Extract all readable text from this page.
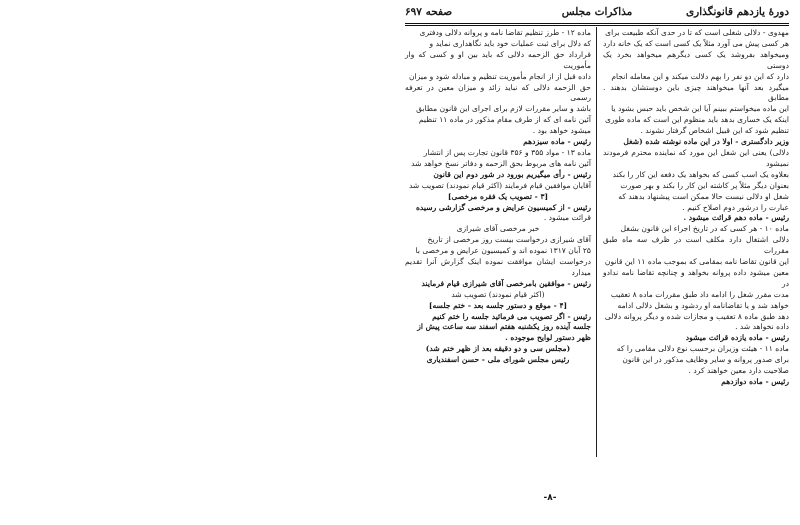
دورهٔ یازدهم قانونگذاری
مذاکرات مجلس
صفحه ۶۹۷

مهدوی - دلالی شغلی است که تا در حدی آنکه طبیعت برای

هر کسی پیش می آورد مثلاً یک کسی است که یک خانه دارد

ومیخواهد بفروشد یک کسی دیگرهم میخواهد بخرد یک دوستی

دارد که این دو نفر را بهم دلالت میکند و این معامله انجام

میگیرد بعد آنها میخواهند چیزی باین دوستشان بدهند . مطابق

این ماده میخواستم ببینم آیا این شخص باید حبس بشود یا

اینکه یک خساری بدهد باید منظوم این است که ماده طوری

تنظیم شود که این قبیل اشخاص گرفتار نشوند .

وزیر دادگستری - اولا در این ماده نوشته شده (شغل

دلالی) یعنی این شغل این مورد که نماینده محترم فرمودند نمیشود

بعلاوه یک اسب کسی که بخواهد یک دفعه این کار را بکند

بعنوان دیگر مثلاً پر کاشته این کار را بکند و بهر صورت

شغل او دلالی نیست حالا ممکن است پیشنهاد بدهند که

عبارت را درشور دوم اصلاح کنیم .

رئیس - ماده دهم قرائت میشود .

ماده ۱۰ - هر کسی که در تاریخ اجراء این قانون بشغل

دلالی اشتغال دارد مکلف است در ظرف سه ماه طبق مقررات

این قانون تقاضا نامه بمقامی که بموجب ماده ۱۱ این قانون

معین میشود داده پروانه بخواهد و چنانچه تقاضا نامه ندادو در

مدت مقرر شغل را ادامه داد طبق مقررات ماده ۸ تعقیب

خواهد شد و یا تقاضانامه او ردشود و بشغل دلالی ادامه

دهد طبق ماده ۸ تعقیب و مجازات شده و دیگر پروانه دلالی

داده نخواهد شد .

رئیس - ماده یازده قرائت میشود

ماده ۱۱ - هیئت وزیران برحسب نوع دلالی مقامی را که

برای صدور پروانه و سایر وظایف مذکور در این قانون

صلاحیت دارد معین خواهند کرد .

رئیس - ماده دوازدهم

ماده ۱۲ - طرز تنظیم تقاضا نامه و پروانه دلالی ودفتری

که دلال برای ثبت عملیات خود باید نگاهداری نماید و

قرارداد حق الزحمه دلالی که باید بین او و کسی که وار مأموریت

داده قبل از از انجام مأموریت تنظیم و مبادله شود و میزان

حق الزحمه دلالی که نباید زائد و میزان معین در تعرفه رسمی

باشد و سایر مقررات لازم برای اجرای این قانون مطابق

آئین نامه ای که از طرف مقام مذکور در ماده ۱۱ تنظیم

میشود خواهد بود .

رئیس - ماده سیزدهم

ماده ۱۳ - مواد ۳۵۵ و ۳۵۶ قانون تجارت پس از انتشار

آئین نامه های مربوط بحق الزحمه و دفاتر نسخ خواهد شد

رئیس - رأی میگیریم بورود در شور دوم این قانون

آقایان موافقین قیام فرمایند (اکثر قیام نمودند) تصویب شد

[۳ - تصویب یک فقره مرخصی]

رئیس - از کمیسیون عرایض و مرخصی گزارشی رسیده

قرائت میشود .

خبر مرخصی آقای شیرازی

آقای شیرازی درخواست بیست روز مرخصی از تاریخ

۲۵ آبان ۱۳۱۷ نموده اند و کمیسیون عرایض و مرخصی با

درخواست ایشان موافقت نموده اینک گزارش آنرا تقدیم میدارد

رئیس - موافقین بامرخصی آقای شیرازی قیام فرمایند

(اکثر قیام نمودند) تصویب شد

[۴ - موقع و دستور جلسه بعد - ختم جلسه]

رئیس - اگر تصویب می فرمائید جلسه را ختم کنیم

جلسه آینده روز یکشنبه هفتم اسفند سه ساعت پیش از

ظهر دستور لوایح موجوده .

(مجلس سی و دو دقیقه بعد از ظهر ختم شد)

رئیس مجلس شورای ملی - حسن اسفندیاری

-۸-
